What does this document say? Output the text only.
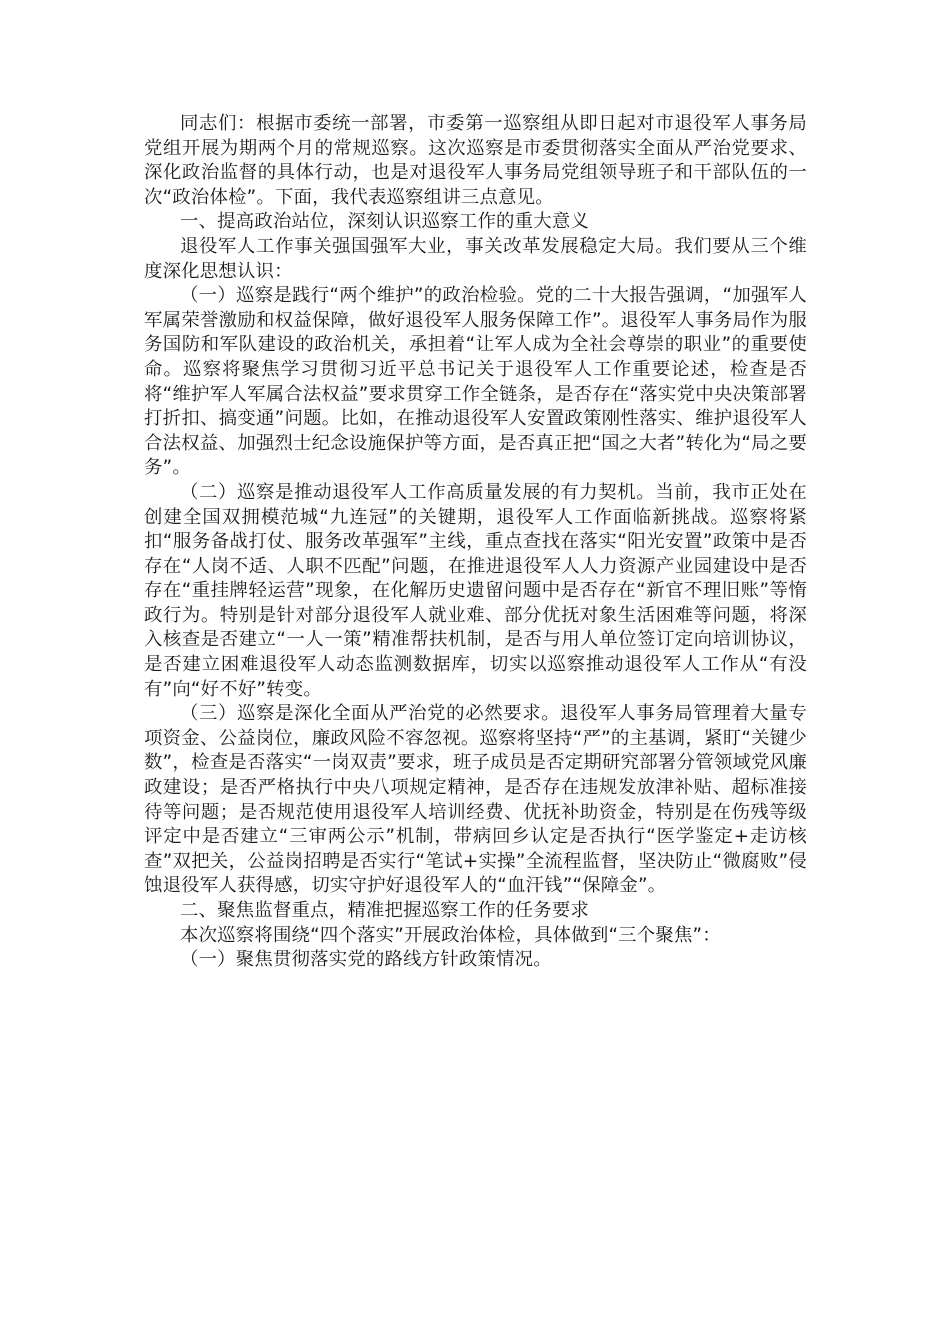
同志们：根据市委统一部署，市委第一巡察组从即日起对市退役军人事务局党组开展为期两个月的常规巡察。这次巡察是市委贯彻落实全面从严治党要求、深化政治监督的具体行动，也是对退役军人事务局党组领导班子和干部队伍的一次“政治体检”。下面，我代表巡察组讲三点意见。

一、提高政治站位，深刻认识巡察工作的重大意义

退役军人工作事关强国强军大业，事关改革发展稳定大局。我们要从三个维度深化思想认识：

（一）巡察是践行“两个维护”的政治检验。党的二十大报告强调，“加强军人军属荣誉激励和权益保障，做好退役军人服务保障工作”。退役军人事务局作为服务国防和军队建设的政治机关，承担着“让军人成为全社会尊崇的职业”的重要使命。巡察将聚焦学习贯彻习近平总书记关于退役军人工作重要论述，检查是否将“维护军人军属合法权益”要求贯穿工作全链条，是否存在“落实党中央决策部署打折扣、搞变通”问题。比如，在推动退役军人安置政策刚性落实、维护退役军人合法权益、加强烈士纪念设施保护等方面，是否真正把“国之大者”转化为“局之要务”。

（二）巡察是推动退役军人工作高质量发展的有力契机。当前，我市正处在创建全国双拥模范城“九连冠”的关键期，退役军人工作面临新挑战。巡察将紧扣“服务备战打仗、服务改革强军”主线，重点查找在落实“阳光安置”政策中是否存在“人岗不适、人职不匹配”问题，在推进退役军人人力资源产业园建设中是否存在“重挂牌轻运营”现象，在化解历史遗留问题中是否存在“新官不理旧账”等惰政行为。特别是针对部分退役军人就业难、部分优抚对象生活困难等问题，将深入核查是否建立“一人一策”精准帮扶机制，是否与用人单位签订定向培训协议，是否建立困难退役军人动态监测数据库，切实以巡察推动退役军人工作从“有没有”向“好不好”转变。

（三）巡察是深化全面从严治党的必然要求。退役军人事务局管理着大量专项资金、公益岗位，廉政风险不容忽视。巡察将坚持“严”的主基调，紧盯“关键少数”，检查是否落实“一岗双责”要求，班子成员是否定期研究部署分管领域党风廉政建设；是否严格执行中央八项规定精神，是否存在违规发放津补贴、超标准接待等问题；是否规范使用退役军人培训经费、优抚补助资金，特别是在伤残等级评定中是否建立“三审两公示”机制，带病回乡认定是否执行“医学鉴定+走访核查”双把关，公益岗招聘是否实行“笔试+实操”全流程监督，坚决防止“微腐败”侵蚀退役军人获得感，切实守护好退役军人的“血汗钱”“保障金”。

二、聚焦监督重点，精准把握巡察工作的任务要求

本次巡察将围绕“四个落实”开展政治体检，具体做到“三个聚焦”：

（一）聚焦贯彻落实党的路线方针政策情况。
